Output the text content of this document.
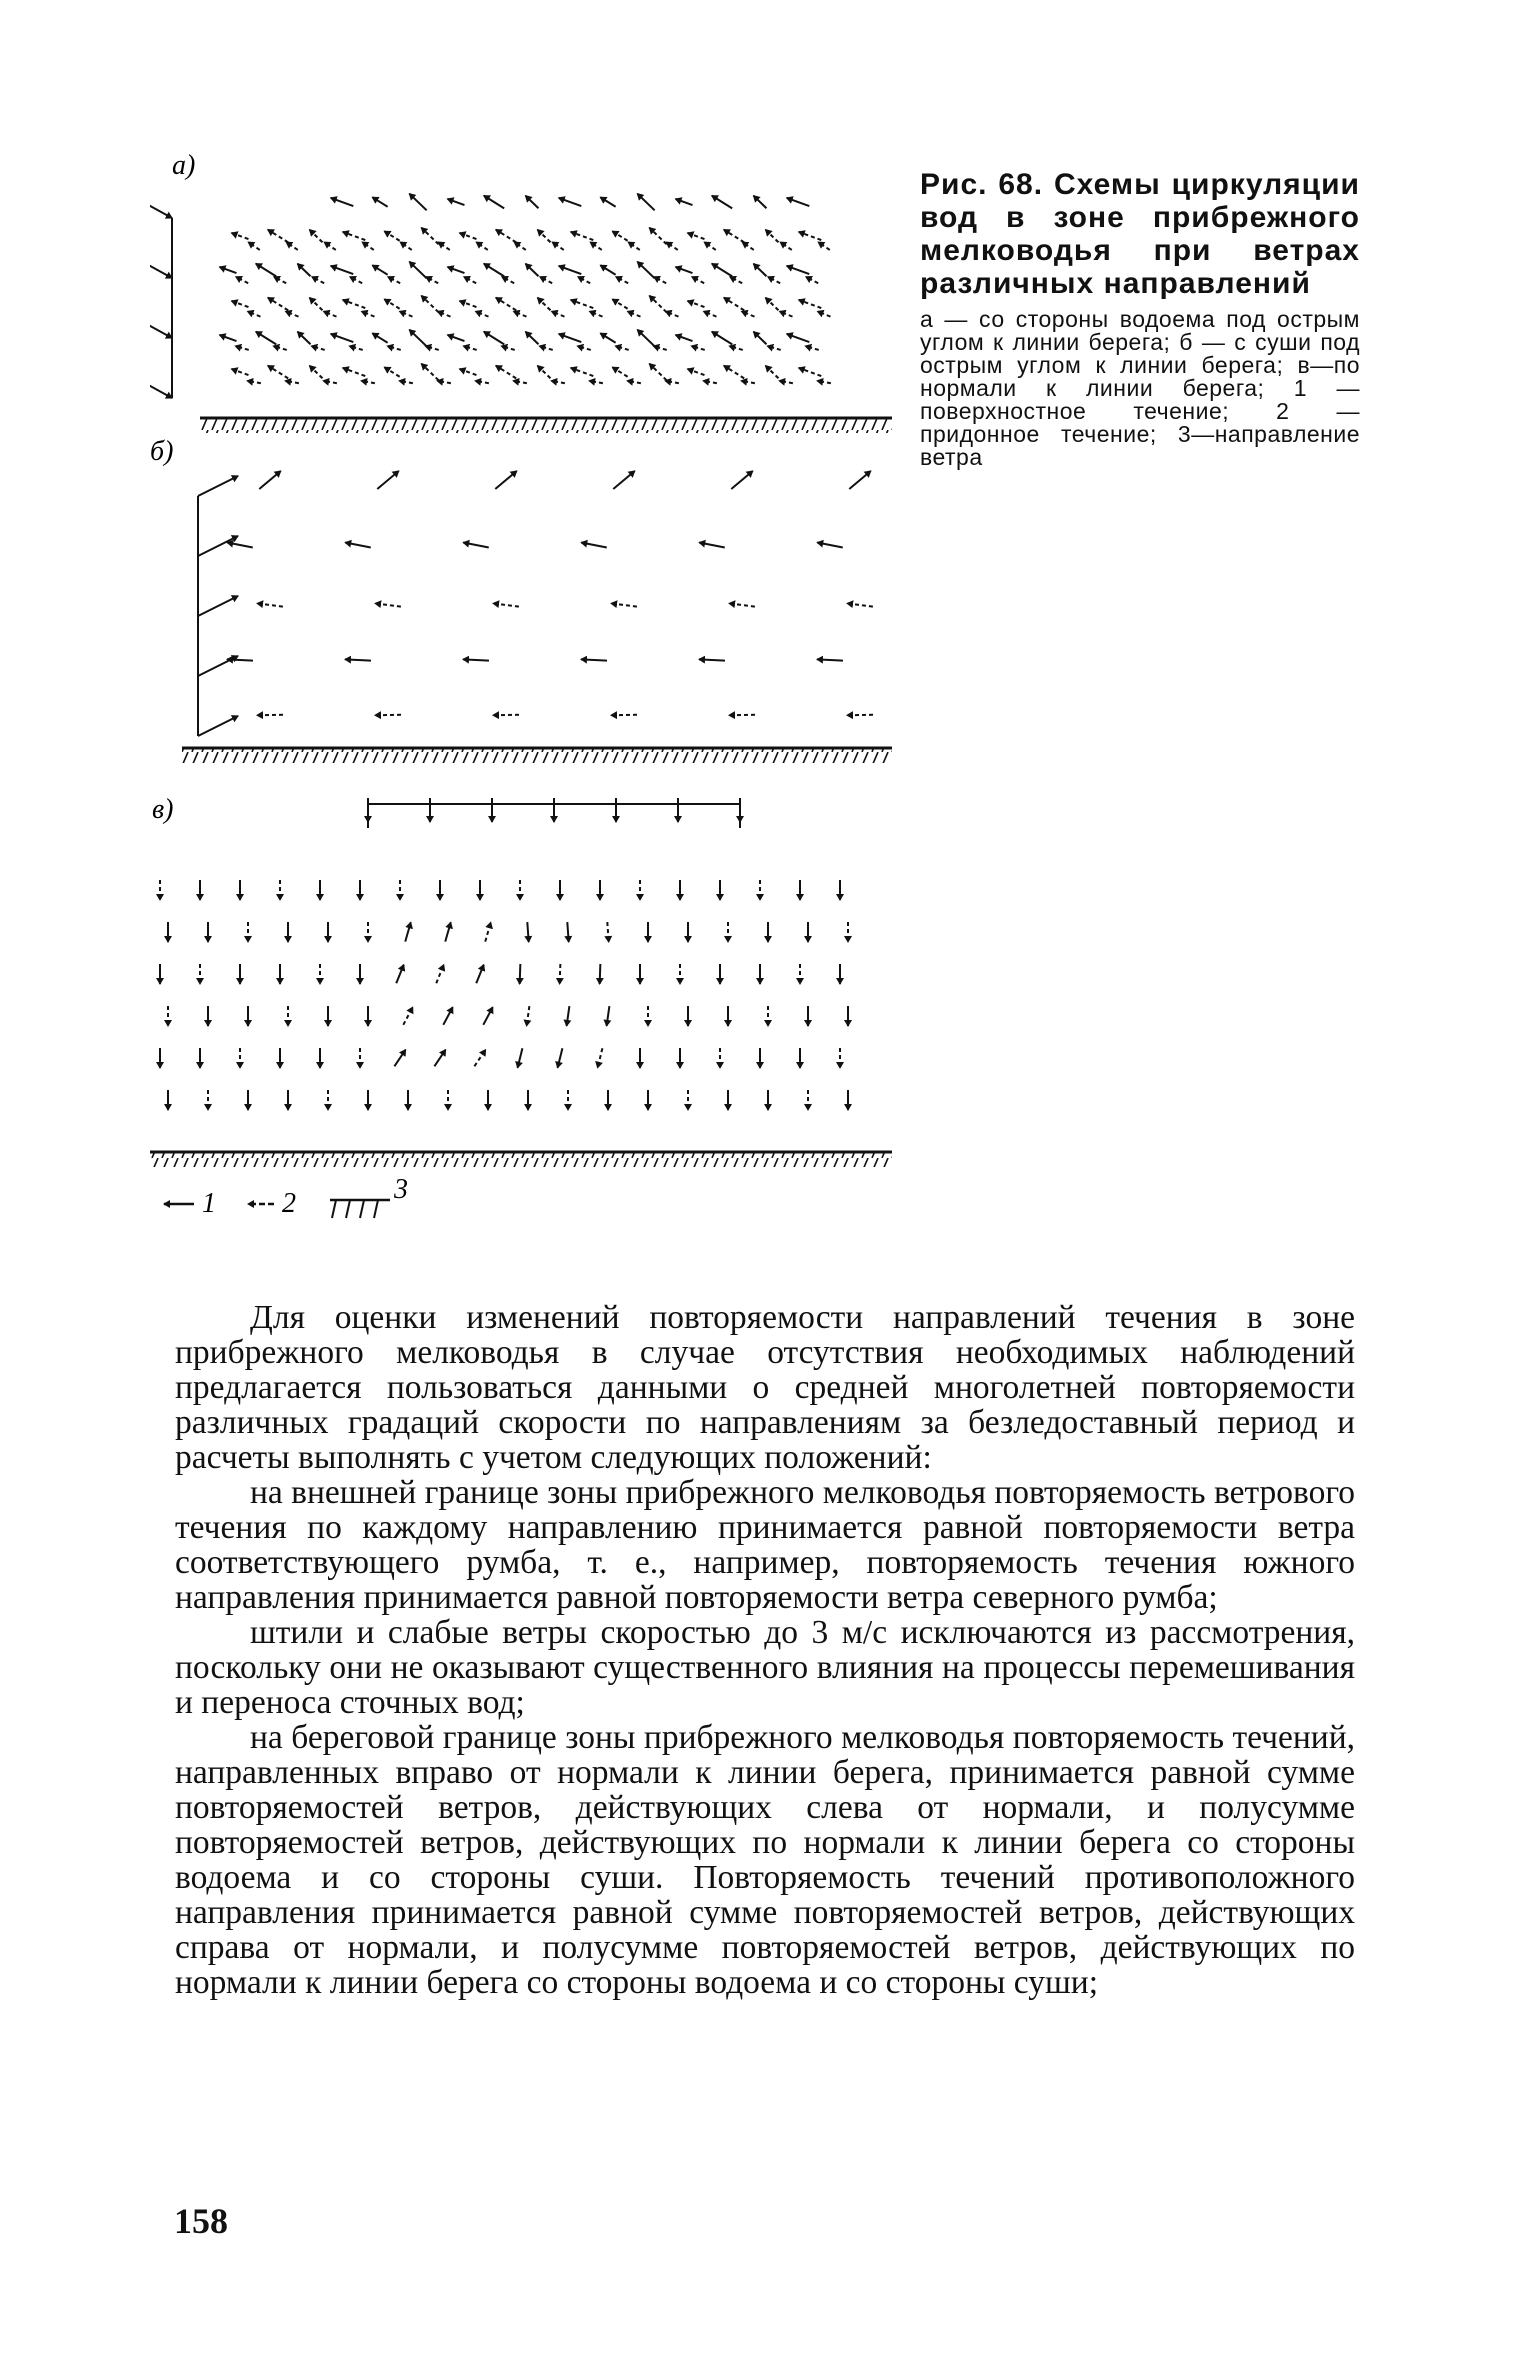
а)
б)
в)
1 2	3
Рис. 68. Схемы циркуляции вод в зоне прибрежного мелководья при ветрах различных направлений
а — со стороны водоема под острым углом к линии берега; б — с суши под острым углом к линии берега; в—по нормали к линии берега; 1 — поверхностное течение; 2 — придонное течение; 3—направление ветра

Для оценки изменений повторяемости направлений течения в зоне прибрежного мелководья в случае отсутствия необходимых наблюдений предлагается пользоваться данными о средней многолетней повторяемости различных градаций скорости по направлениям за безледоставный период и расчеты выполнять с учетом следующих положений:

на внешней границе зоны прибрежного мелководья повторяемость ветрового течения по каждому направлению принимается равной повторяемости ветра соответствующего румба, т. е., например, повторяемость течения южного направления принимается равной повторяемости ветра северного румба;

штили и слабые ветры скоростью до 3 м/с исключаются из рассмотрения, поскольку они не оказывают существенного влияния на процессы перемешивания и переноса сточных вод;

на береговой границе зоны прибрежного мелководья повторяемость течений, направленных вправо от нормали к линии берега, принимается равной сумме повторяемостей ветров, действующих слева от нормали, и полусумме повторяемостей ветров, действующих по нормали к линии берега со стороны водоема и со стороны суши. Повторяемость течений противоположного направления принимается равной сумме повторяемостей ветров, действующих справа от нормали, и полусумме повторяемостей ветров, действующих по нормали к линии берега со стороны водоема и со стороны суши;

158
